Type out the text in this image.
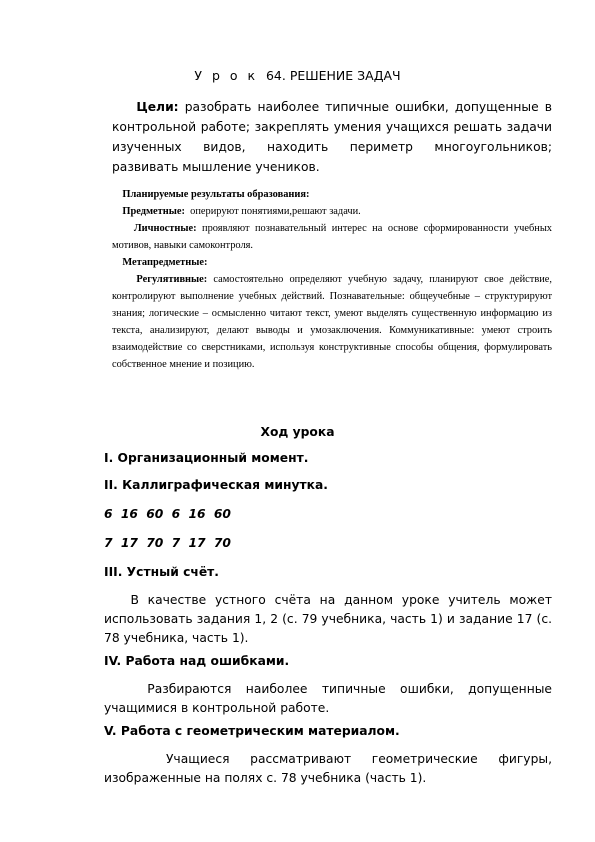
У р о к 64. РЕШЕНИЕ ЗАДАЧ

Цели: разобрать наиболее типичные ошибки, допущенные в контрольной работе; закреплять умения учащихся решать задачи изученных видов, находить периметр многоугольников; развивать мышление учеников.

Планируемые результаты образования:

Предметные: оперируют понятиями,решают задачи.

Личностные: проявляют познавательный интерес на основе сформированности учебных мотивов, навыки самоконтроля.

Метапредметные:

Регулятивные: самостоятельно определяют учебную задачу, планируют свое действие, контролируют выполнение учебных действий. Познавательные: общеучебные – структурируют знания; логические – осмысленно читают текст, умеют выделять существенную информацию из текста, анализируют, делают выводы и умозаключения. Коммуникативные: умеют строить взаимодействие со сверстниками, используя конструктивные способы общения, формулировать собственное мнение и позицию.

Ход урока
I. Организационный момент.
II. Каллиграфическая минутка.
6 16 60 6 16 60
7 17 70 7 17 70
III. Устный счёт.

В качестве устного счёта на данном уроке учитель может использовать задания 1, 2 (с. 79 учебника, часть 1) и задание 17 (с. 78 учебника, часть 1).

IV. Работа над ошибками.

Разбираются наиболее типичные ошибки, допущенные учащимися в контрольной работе.

V. Работа с геометрическим материалом.

Учащиеся рассматривают геометрические фигуры, изображенные на полях с. 78 учебника (часть 1).
